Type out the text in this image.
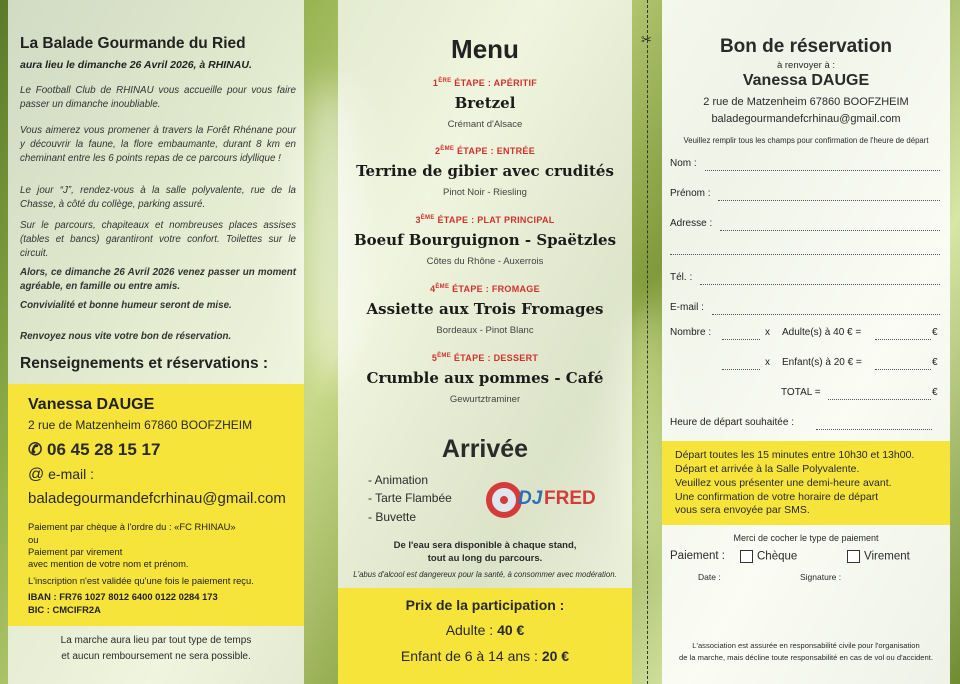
La Balade Gourmande du Ried
aura lieu le dimanche 26 Avril 2026, à RHINAU.
Le Football Club de RHINAU vous accueille pour vous faire passer un dimanche inoubliable.
Vous aimerez vous promener à travers la Forêt Rhénane pour y découvrir la faune, la flore embaumante, durant 8 km en cheminant entre les 6 points repas de ce parcours idyllique !
Le jour “J”, rendez-vous à la salle polyvalente, rue de la Chasse, à côté du collège, parking assuré.
Sur le parcours, chapiteaux et nombreuses places assises (tables et bancs) garantiront votre confort. Toilettes sur le circuit.
Alors, ce dimanche 26 Avril 2026 venez passer un moment agréable, en famille ou entre amis.
Convivialité et bonne humeur seront de mise.
Renvoyez nous vite votre bon de réservation.
Renseignements et réservations :
Vanessa DAUGE
2 rue de Matzenheim 67860 BOOFZHEIM
✆ 06 45 28 15 17
@ e-mail :
baladegourmandefcrhinau@gmail.com
Paiement par chèque à l'ordre du : «FC RHINAU»
ou
Paiement par virement
avec mention de votre nom et prénom.
L'inscription n'est validée qu'une fois le paiement reçu.
IBAN : FR76 1027 8012 6400 0122 0284 173
BIC : CMCIFR2A
La marche aura lieu par tout type de temps
et aucun remboursement ne sera possible.
Menu
1ÈRE ÉTAPE : APÉRITIF
Bretzel
Crémant d'Alsace
2ÈME ÉTAPE : ENTRÉE
Terrine de gibier avec crudités
Pinot Noir - Riesling
3ÈME ÉTAPE : PLAT PRINCIPAL
Boeuf Bourguignon - Spaëtzles
Côtes du Rhône - Auxerrois
4ÈME ÉTAPE : FROMAGE
Assiette aux Trois Fromages
Bordeaux - Pinot Blanc
5ÈME ÉTAPE : DESSERT
Crumble aux pommes - Café
Gewurtztraminer
Arrivée
- Animation
- Tarte Flambée
- Buvette
DJ FRED
De l'eau sera disponible à chaque stand,
tout au long du parcours.
L'abus d'alcool est dangereux pour la santé, à consommer avec modération.
Prix de la participation :
Adulte : 40 €
Enfant de 6 à 14 ans : 20 €
✂	Bon de réservation
à renvoyer à :
Vanessa DAUGE
2 rue de Matzenheim 67860 BOOFZHEIM
baladegourmandefcrhinau@gmail.com
Veuillez remplir tous les champs pour confirmation de l'heure de départ
Nom :
Prénom :
Adresse :
Tél. :
E-mail :
Nombre :	x Adulte(s) à 40 € =	€
x Enfant(s) à 20 € =	€
TOTAL =	€
Heure de départ souhaitée :
Départ toutes les 15 minutes entre 10h30 et 13h00.
Départ et arrivée à la Salle Polyvalente.
Veuillez vous présenter une demi-heure avant.
Une confirmation de votre horaire de départ
vous sera envoyée par SMS.
Merci de cocher le type de paiement
Paiement :	Chèque	Virement
Date :	Signature :
L'association est assurée en responsabilité civile pour l'organisation
de la marche, mais décline toute responsabilité en cas de vol ou d'accident.
